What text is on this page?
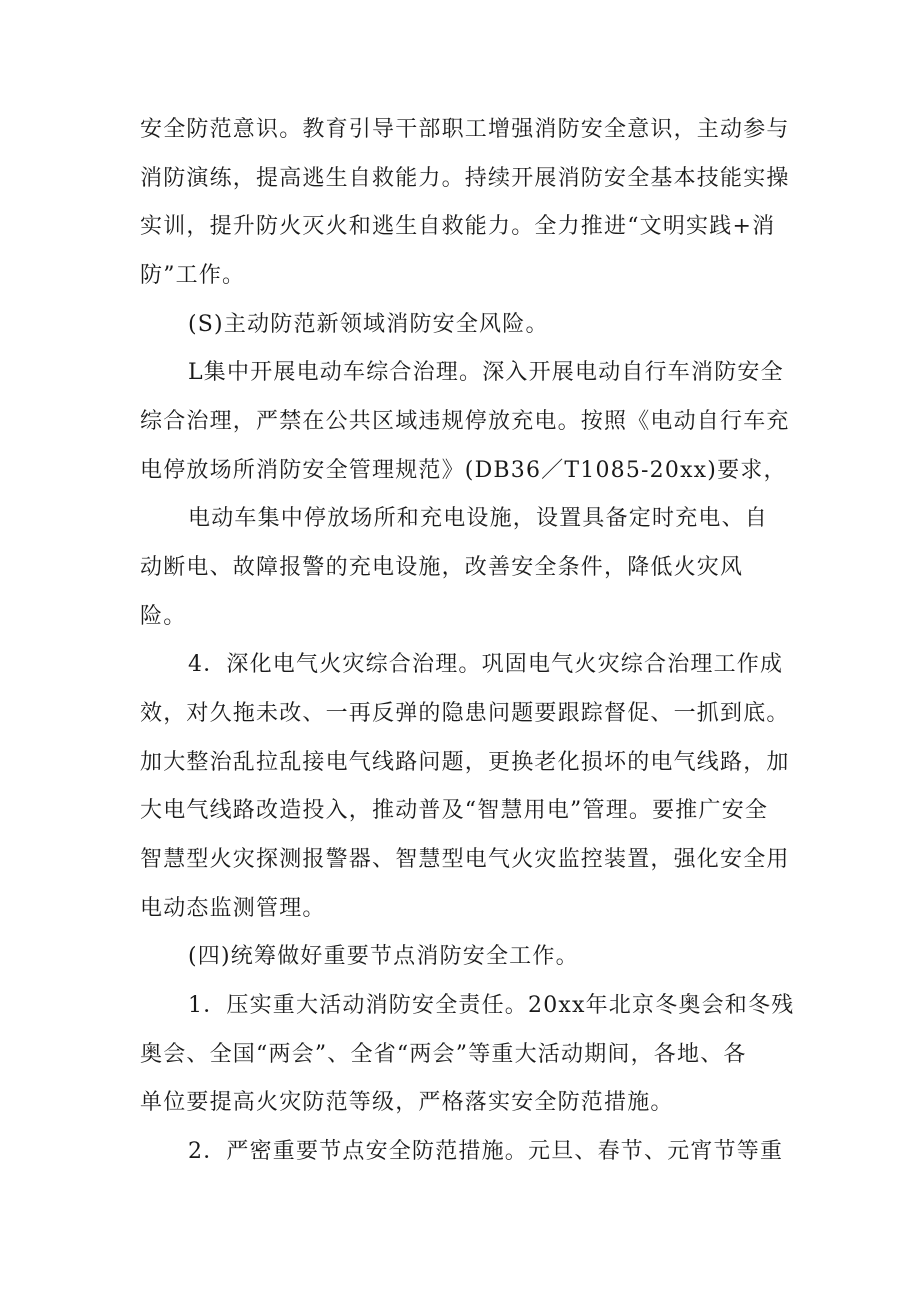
安全防范意识。教育引导干部职工增强消防安全意识，主动参与
消防演练，提高逃生自救能力。持续开展消防安全基本技能实操
实训，提升防火灭火和逃生自救能力。全力推进“文明实践+消
防”工作。
(S)主动防范新领域消防安全风险。
L集中开展电动车综合治理。深入开展电动自行车消防安全
综合治理，严禁在公共区域违规停放充电。按照《电动自行车充
电停放场所消防安全管理规范》(DB36／T1085-20xx)要求，
电动车集中停放场所和充电设施，设置具备定时充电、自
动断电、故障报警的充电设施，改善安全条件，降低火灾风
险。
4．深化电气火灾综合治理。巩固电气火灾综合治理工作成
效，对久拖未改、一再反弹的隐患问题要跟踪督促、一抓到底。
加大整治乱拉乱接电气线路问题，更换老化损坏的电气线路，加
大电气线路改造投入，推动普及“智慧用电”管理。要推广安全
智慧型火灾探测报警器、智慧型电气火灾监控装置，强化安全用
电动态监测管理。
(四)统筹做好重要节点消防安全工作。
1．压实重大活动消防安全责任。20xx年北京冬奥会和冬残
奥会、全国“两会”、全省“两会”等重大活动期间，各地、各
单位要提高火灾防范等级，严格落实安全防范措施。
2．严密重要节点安全防范措施。元旦、春节、元宵节等重
